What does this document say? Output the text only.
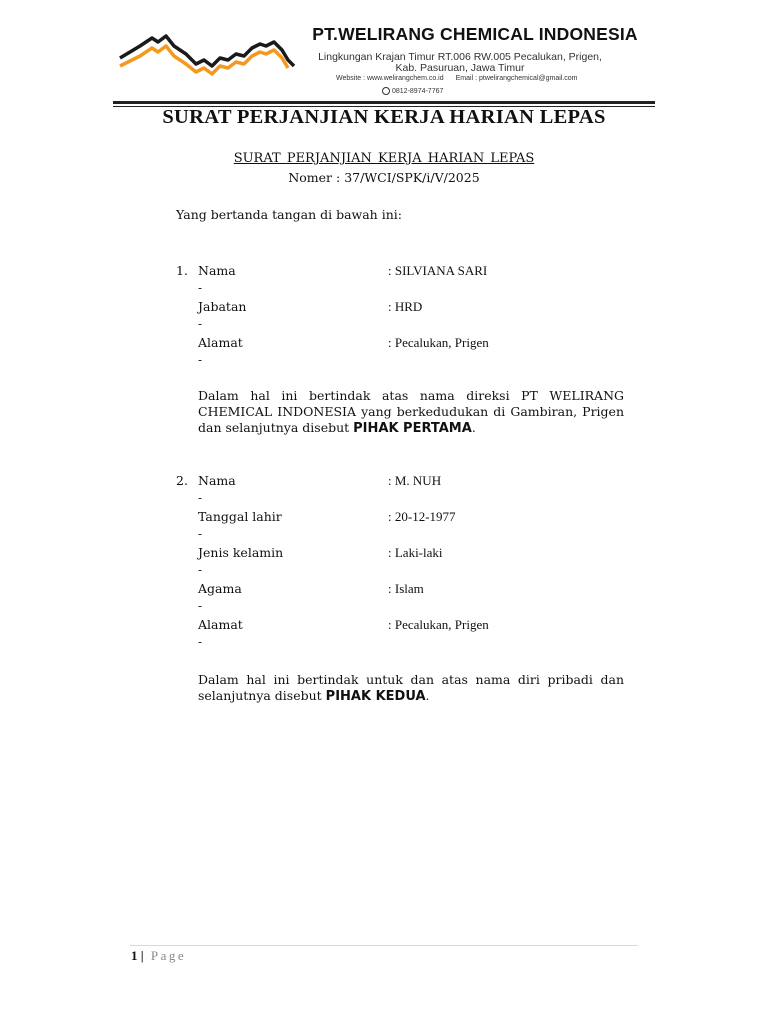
PT.WELIRANG CHEMICAL INDONESIA
Lingkungan Krajan Timur RT.006 RW.005 Pecalukan, Prigen,
Kab. Pasuruan, Jawa Timur
Website : www.welirangchem.co.id Email : ptwelirangchemical@gmail.com
0812-8974-7767
SURAT PERJANJIAN KERJA HARIAN LEPAS
SURAT PERJANJIAN KERJA HARIAN LEPAS
Nomer : 37/WCI/SPK/i/V/2025
Yang bertanda tangan di bawah ini:
1. Nama	: SILVIANA SARI
-
Jabatan	: HRD
-
Alamat	: Pecalukan, Prigen
-
Dalam hal ini bertindak atas nama direksi PT WELIRANG CHEMICAL INDONESIA yang berkedudukan di Gambiran, Prigen dan selanjutnya disebut PIHAK PERTAMA.
2. Nama	: M. NUH
-
Tanggal lahir	: 20-12-1977
-
Jenis kelamin	: Laki-laki
-
Agama	: Islam
-
Alamat	: Pecalukan, Prigen
-
Dalam hal ini bertindak untuk dan atas nama diri pribadi dan selanjutnya disebut PIHAK KEDUA.
1 | Page
